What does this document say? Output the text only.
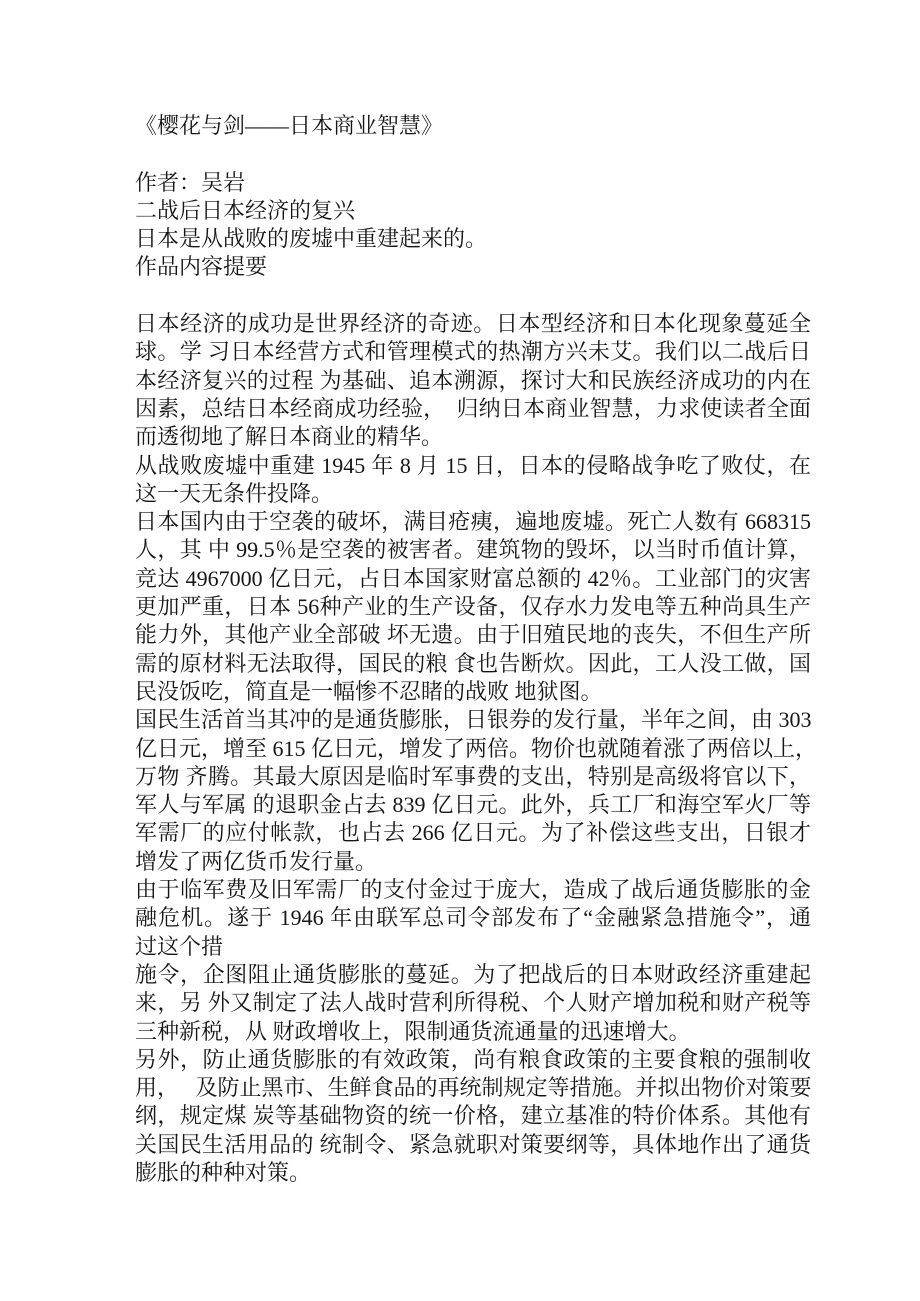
《樱花与剑——日本商业智慧》

作者：吴岩
二战后日本经济的复兴
日本是从战败的废墟中重建起来的。
作品内容提要

日本经济的成功是世界经济的奇迹。日本型经济和日本化现象蔓延全
球。学 习日本经营方式和管理模式的热潮方兴未艾。我们以二战后日
本经济复兴的过程 为基础、追本溯源，探讨大和民族经济成功的内在
因素，总结日本经商成功经验，　归纳日本商业智慧，力求使读者全面
而透彻地了解日本商业的精华。
从战败废墟中重建 1945 年 8 月 15 日，日本的侵略战争吃了败仗，在
这一天无条件投降。
日本国内由于空袭的破坏，满目疮痍，遍地废墟。死亡人数有 668315
人，其 中 99.5％是空袭的被害者。建筑物的毁坏，以当时币值计算，
竞达 4967000 亿日元，占日本国家财富总额的 42％。工业部门的灾害
更加严重，日本 56种产业的生产设备，仅存水力发电等五种尚具生产
能力外，其他产业全部破 坏无遗。由于旧殖民地的丧失，不但生产所
需的原材料无法取得，国民的粮 食也告断炊。因此，工人没工做，国
民没饭吃，简直是一幅惨不忍睹的战败 地狱图。
国民生活首当其冲的是通货膨胀，日银券的发行量，半年之间，由 303
亿日元，增至 615 亿日元，增发了两倍。物价也就随着涨了两倍以上，
万物 齐腾。其最大原因是临时军事费的支出，特别是高级将官以下，
军人与军属 的退职金占去 839 亿日元。此外，兵工厂和海空军火厂等
军需厂的应付帐款，也占去 266 亿日元。为了补偿这些支出，日银才
增发了两亿货币发行量。
由于临军费及旧军需厂的支付金过于庞大，造成了战后通货膨胀的金
融危机。遂于 1946 年由联军总司令部发布了“金融紧急措施令”，通
过这个措
施令，企图阻止通货膨胀的蔓延。为了把战后的日本财政经济重建起
来，另 外又制定了法人战时营利所得税、个人财产增加税和财产税等
三种新税，从 财政增收上，限制通货流通量的迅速增大。
另外，防止通货膨胀的有效政策，尚有粮食政策的主要食粮的强制收
用，　 及防止黑市、生鲜食品的再统制规定等措施。并拟出物价对策要
纲，规定煤 炭等基础物资的统一价格，建立基准的特价体系。其他有
关国民生活用品的 统制令、紧急就职对策要纲等，具体地作出了通货
膨胀的种种对策。
